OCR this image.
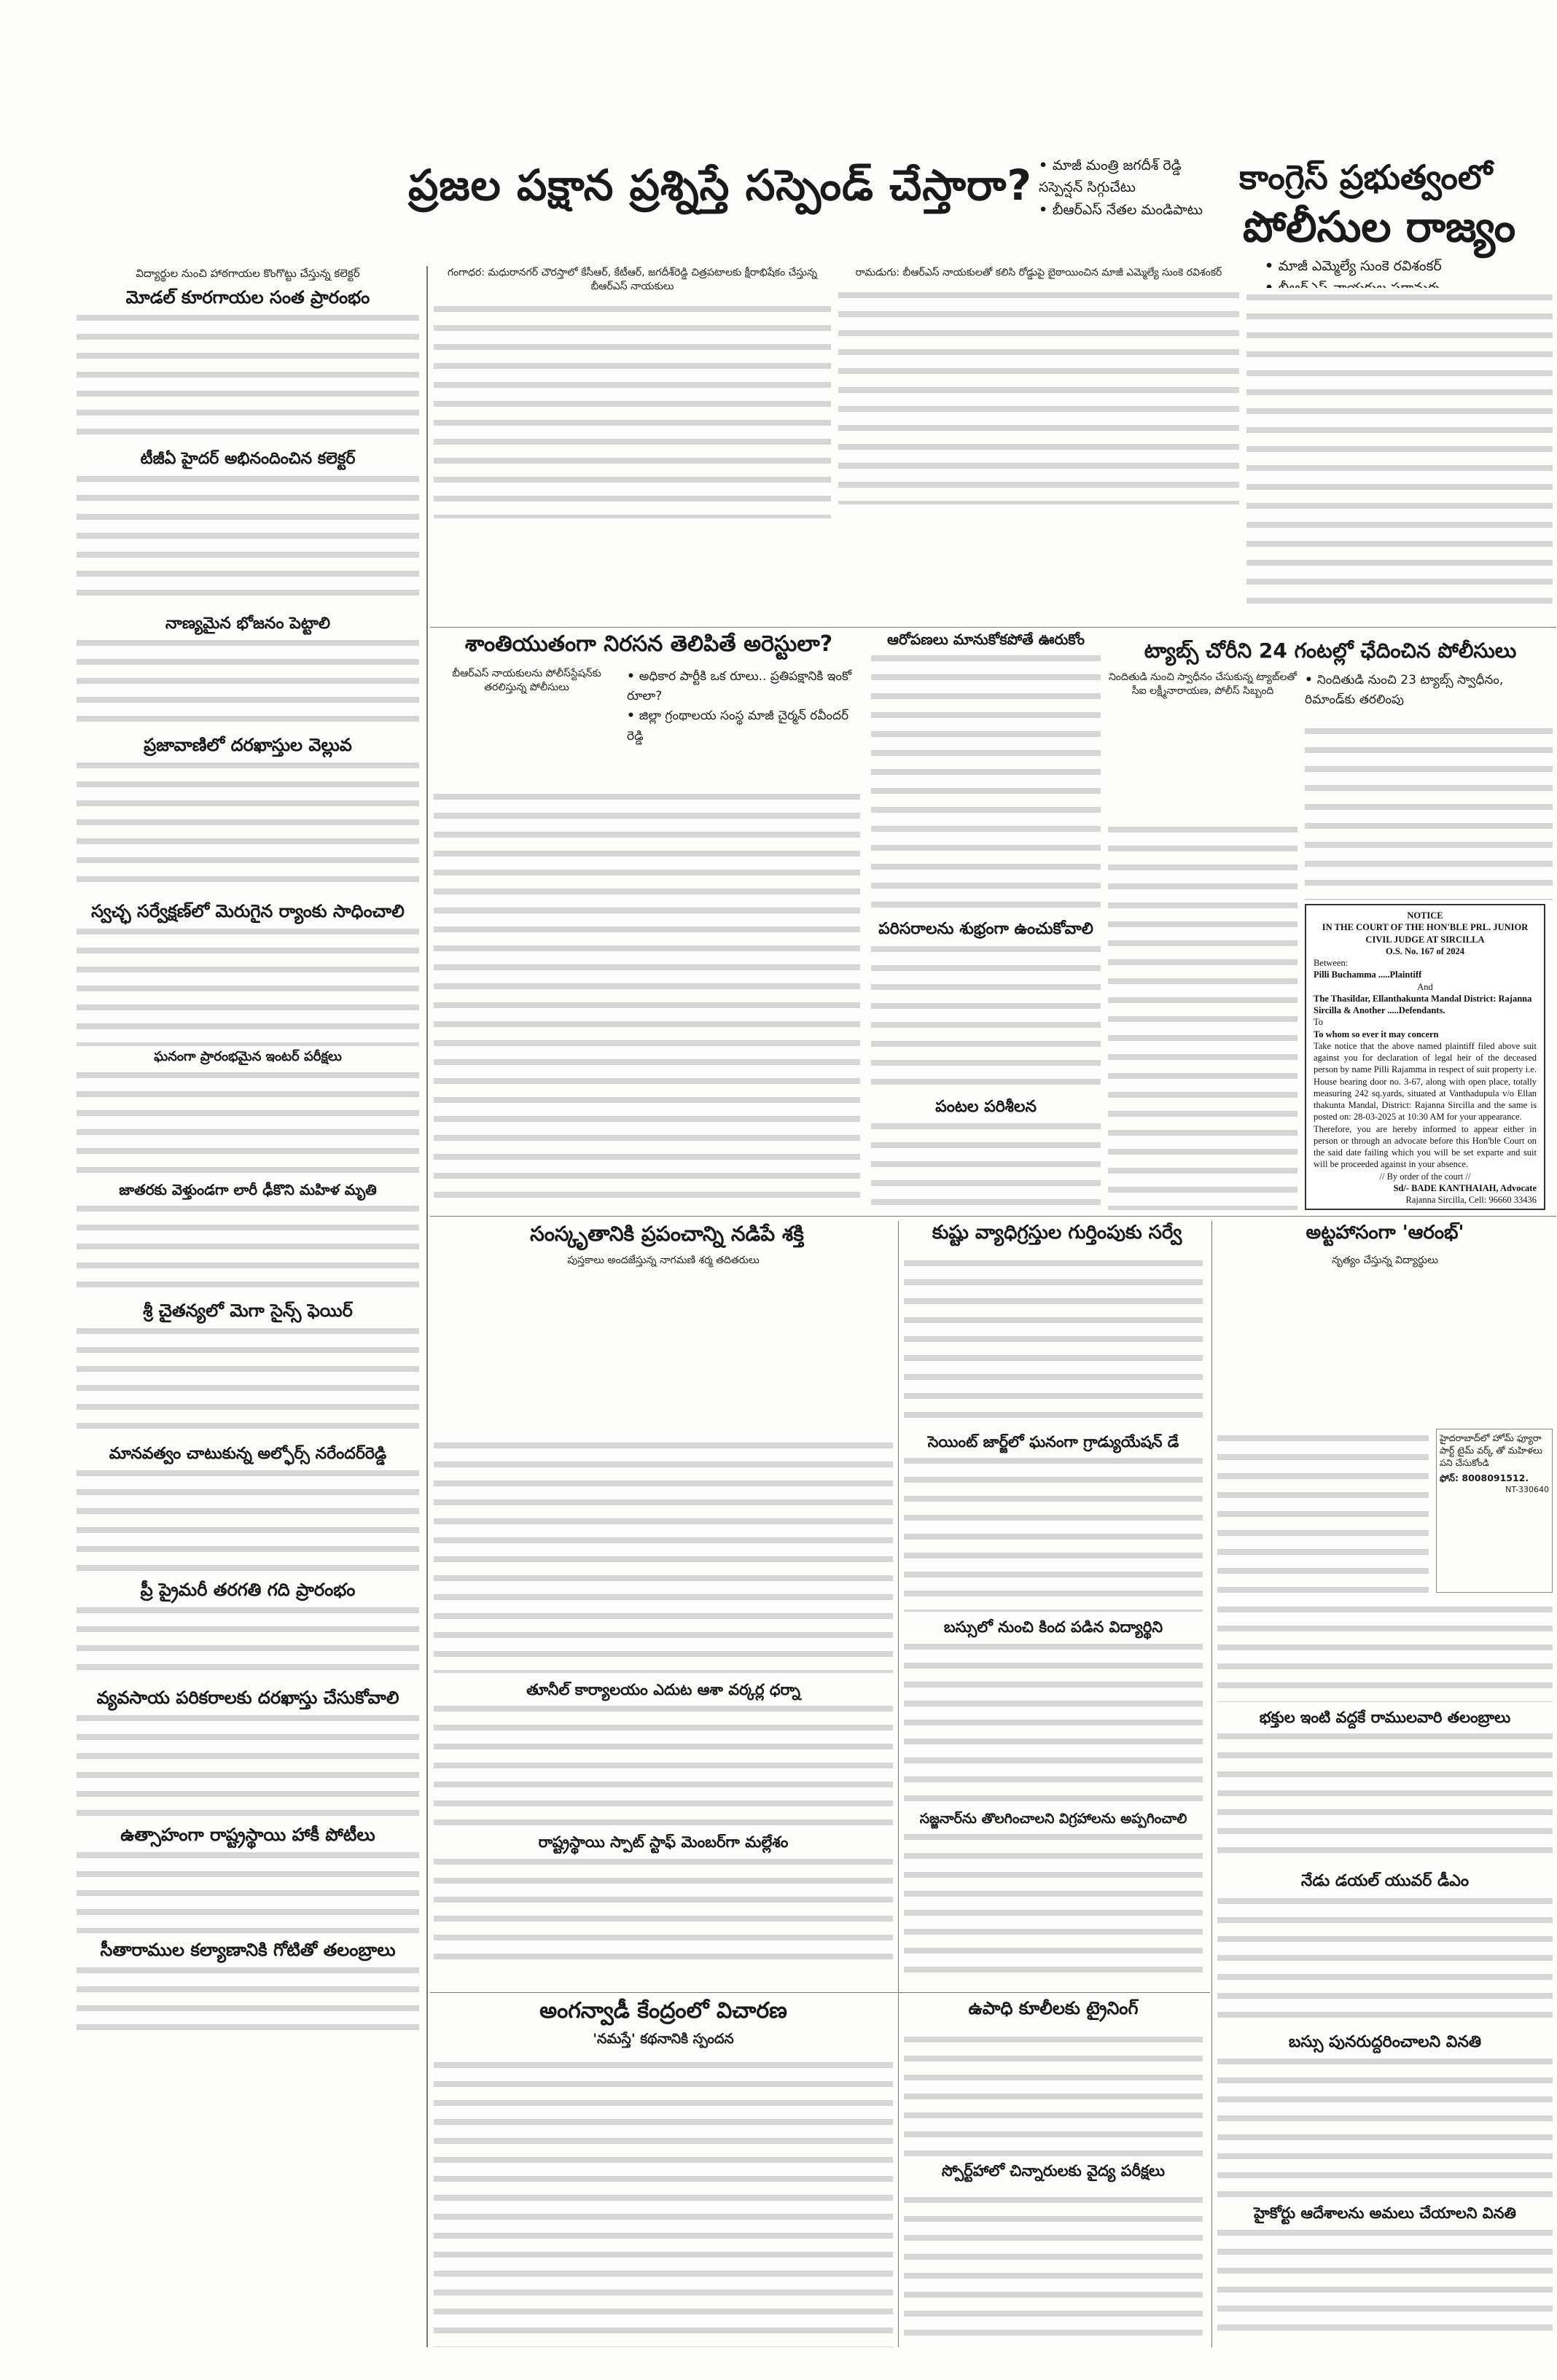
ప్రజల పక్షాన ప్రశ్నిస్తే సస్పెండ్‌ చేస్తారా?
•	మాజీ మంత్రి జగదీశ్‌ రెడ్డి సస్పెన్షన్‌ సిగ్గుచేటు
• బీఆర్‌ఎస్‌ నేతల మండిపాటు
కాంగ్రెస్‌ ప్రభుత్వంలో
పోలీసుల రాజ్యం
• మాజీ ఎమ్మెల్యే సుంకె రవిశంకర్‌
•
విద్యార్థుల నుంచి హాఠగాయల కొంగొట్టు చేస్తున్న కలెక్టర్‌
మోడల్‌ కూరగాయల సంత ప్రారంభం
టీజీఏ హైదర్‌ అభినందించిన కలెక్టర్‌
నాణ్యమైన భోజనం పెట్టాలి
ప్రజావాణిలో దరఖాస్తుల వెల్లువ
స్వచ్ఛ సర్వేక్షణ్‌లో మెరుగైన ర్యాంకు సాధించాలి
ఘనంగా ప్రారంభమైన ఇంటర్‌ పరీక్షలు
జాతరకు వెళ్తుండగా లారీ ఢీకొని మహిళ మృతి
శ్రీ చైతన్యలో మెగా సైన్స్‌ ఫెయిర్
మానవత్వం చాటుకున్న అల్ఫోర్స్‌ నరేందర్‌రెడ్డి
ప్రీ ప్రైమరీ తరగతి గది ప్రారంభం
వ్యవసాయ పరికరాలకు దరఖాస్తు చేసుకోవాలి
ఉత్సాహంగా రాష్ట్రస్థాయి హాకీ పోటీలు
సీతారాముల కల్యాణానికి గోటితో తలంబ్రాలు
గంగాధర: మధురానగర్‌ చౌరస్తాలో కేసీఆర్‌, కేటీఆర్‌, జగదీశ్‌రెడ్డి చిత్రపటాలకు క్షీరాభిషేకం చేస్తున్న బీఆర్‌ఎస్‌ నాయకులు
రామడుగు: బీఆర్‌ఎస్‌ నాయకులతో కలిసి రోడ్డుపై బైఠాయించిన మాజీ ఎమ్మెల్యే సుంకె రవిశంకర్‌
శాంతియుతంగా నిరసన తెలిపితే అరెస్టులా?
• అధికార పార్టీకి ఒక రూలు.. ప్రతిపక్షానికి ఇంకో రూలా?
• జిల్లా గ్రంథాలయ సంస్థ మాజీ చైర్మన్‌ రవీందర్‌ రెడ్డి
బీఆర్‌ఎస్‌ నాయకులను పోలీస్‌స్టేషన్‌కు తరలిస్తున్న పోలీసులు
ఆరోపణలు మానుకోకపోతే ఊరుకోం
పరిసరాలను శుభ్రంగా ఉంచుకోవాలి
పంటల పరిశీలన
ట్యాబ్స్‌ చోరీని 24 గంటల్లో ఛేదించిన పోలీసులు
• నిందితుడి నుంచి 23 ట్యాబ్స్‌ స్వాధీనం, రిమాండ్‌కు తరలింపు
నిందితుడి నుంచి స్వాధీనం చేసుకున్న ట్యాబ్‌లతో సీఐ లక్ష్మీనారాయణ, పోలీస్‌ సిబ్బంది

NOTICE

IN THE COURT OF THE HON'BLE PRL. JUNIOR CIVIL JUDGE AT SIRCILLA

O.S. No. 167 of 2024

Between:

Pilli Buchamma .....Plaintiff

And

The Thasildar, Ellanthakunta Mandal District: Rajanna Sircilla & Another .....Defendants.

To

To whom so ever it may concern

Take notice that the above named plaintiff filed above suit against you for declaration of legal heir of the deceased person by name Pilli Rajamma in respect of suit property i.e. House bearing door no. 3-67, along with open place, totally measuring 242 sq.yards, situated at Vanthadupula v/o Ellan thakunta Mandal, District: Rajanna Sircilla and the same is posted on: 28-03-2025 at 10:30 AM for your appearance.

Therefore, you are hereby informed to appear either in person or through an advocate before this Hon'ble Court on the said date failing which you will be set exparte and suit will be proceeded against in your absence.

// By order of the court //

Sd/- BADE KANTHAIAH, Advocate

Rajanna Sircilla, Cell: 96660 33436

సంస్కృతానికి ప్రపంచాన్ని నడిపే శక్తి	కుష్టు వ్యాధిగ్రస్తుల గుర్తింపుకు సర్వే	అట్టహాసంగా 'ఆరంభ్‌'
పుస్తకాలు అందజేస్తున్న నాగమణి శర్మ తదితరులు
తూనీల్‌ కార్యాలయం ఎదుట ఆశా వర్కర్ల ధర్నా
రాష్ట్రస్థాయి స్పాట్‌ స్టాఫ్‌ మెంబర్‌గా మల్లేశం
సెయింట్‌ జార్జ్‌లో ఘనంగా గ్రాడ్యుయేషన్‌ డే
బస్సులో నుంచి కింద పడిన విద్యార్థిని
సజ్జనార్‌ను తొలగించాలని విగ్రహాలను అప్పగించాలి
నృత్యం చేస్తున్న విద్యార్థులు
హైదరాబాద్‌లో హోమ్‌ ఫ్యూరా పార్ట్‌ టైమ్‌ వర్క్‌ తో మహిళలు పని చేసుకోండి
ఫోన్‌: 8008091512.
NT-330640
భక్తుల ఇంటి వద్దకే రాములవారి తలంబ్రాలు
నేడు డయల్‌ యువర్‌ డీఎం
బస్సు పునరుద్దరించాలని వినతి
హైకోర్టు ఆదేశాలను అమలు చేయాలని వినతి
అంగన్వాడీ కేంద్రంలో విచారణ
'నమస్తే' కథనానికి స్పందన
ఉపాధి కూలీలకు ట్రైనింగ్‌
స్పోర్ట్‌హాలో చిన్నారులకు వైద్య పరీక్షలు
